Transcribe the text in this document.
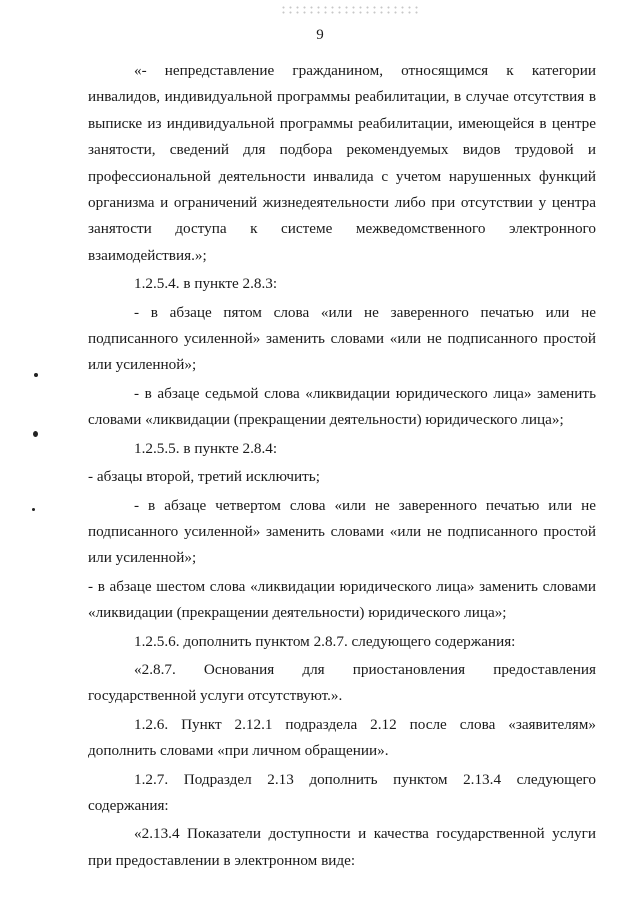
9

«- непредставление гражданином, относящимся к категории инвалидов, индивидуальной программы реабилитации, в случае отсутствия в выписке из индивидуальной программы реабилитации, имеющейся в центре занятости, сведений для подбора рекомендуемых видов трудовой и профессиональной деятельности инвалида с учетом нарушенных функций организма и ограничений жизнедеятельности либо при отсутствии у центра занятости доступа к системе межведомственного электронного взаимодействия.»;

1.2.5.4. в пункте 2.8.3:

- в абзаце пятом слова «или не заверенного печатью или не подписанного усиленной» заменить словами «или не подписанного простой или усиленной»;

- в абзаце седьмой слова «ликвидации юридического лица» заменить словами «ликвидации (прекращении деятельности) юридического лица»;

1.2.5.5. в пункте 2.8.4:

- абзацы второй, третий исключить;

- в абзаце четвертом слова «или не заверенного печатью или не подписанного усиленной» заменить словами «или не подписанного простой или усиленной»;

- в абзаце шестом слова «ликвидации юридического лица» заменить словами «ликвидации (прекращении деятельности) юридического лица»;

1.2.5.6. дополнить пунктом 2.8.7. следующего содержания:

«2.8.7. Основания для приостановления предоставления государственной услуги отсутствуют.».

1.2.6. Пункт 2.12.1 подраздела 2.12 после слова «заявителям» дополнить словами «при личном обращении».

1.2.7. Подраздел 2.13 дополнить пунктом 2.13.4 следующего содержания:

«2.13.4 Показатели доступности и качества государственной услуги при предоставлении в электронном виде:
